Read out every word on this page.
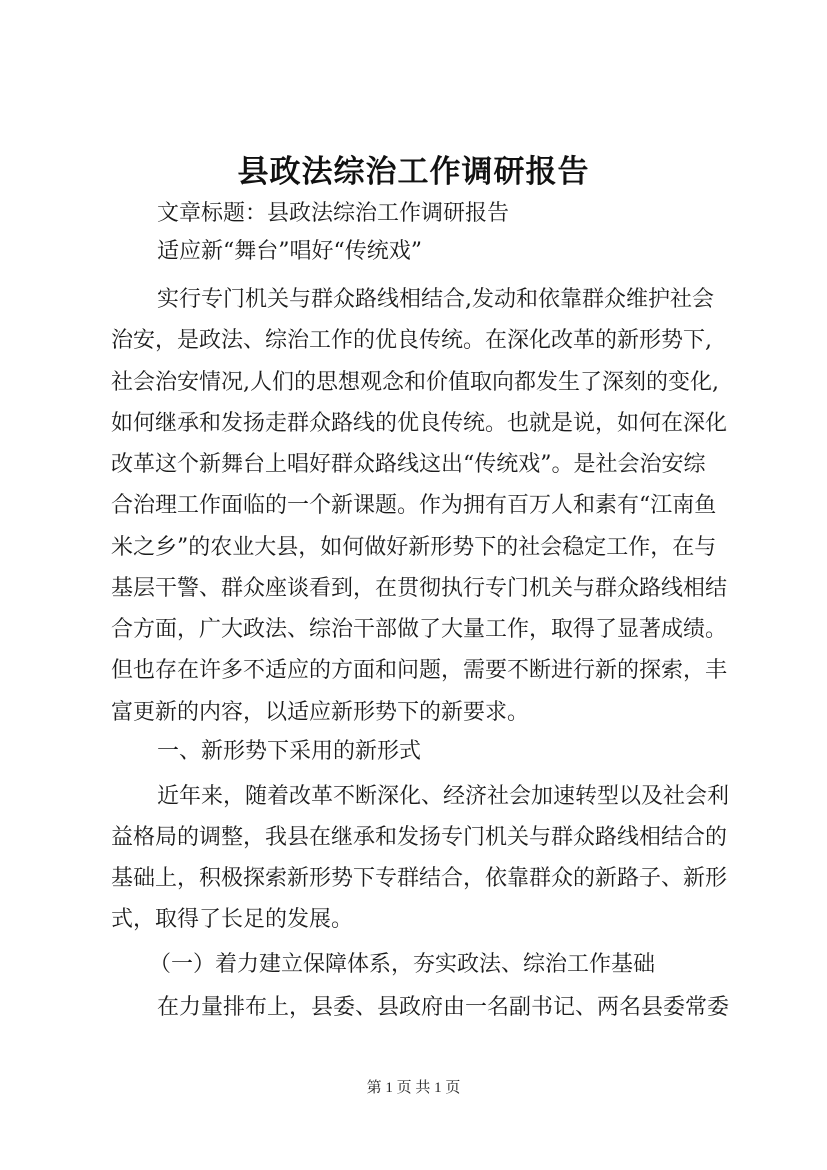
县政法综治工作调研报告
文章标题：县政法综治工作调研报告
适应新“舞台”唱好“传统戏”
实行专门机关与群众路线相结合,发动和依靠群众维护社会
治安，是政法、综治工作的优良传统。在深化改革的新形势下,
社会治安情况,人们的思想观念和价值取向都发生了深刻的变化,
如何继承和发扬走群众路线的优良传统。也就是说，如何在深化
改革这个新舞台上唱好群众路线这出“传统戏”。是社会治安综
合治理工作面临的一个新课题。作为拥有百万人和素有“江南鱼
米之乡”的农业大县，如何做好新形势下的社会稳定工作，在与
基层干警、群众座谈看到，在贯彻执行专门机关与群众路线相结
合方面，广大政法、综治干部做了大量工作，取得了显著成绩。
但也存在许多不适应的方面和问题，需要不断进行新的探索，丰
富更新的内容，以适应新形势下的新要求。
一、新形势下采用的新形式
近年来，随着改革不断深化、经济社会加速转型以及社会利
益格局的调整，我县在继承和发扬专门机关与群众路线相结合的
基础上，积极探索新形势下专群结合，依靠群众的新路子、新形
式，取得了长足的发展。
（一）着力建立保障体系，夯实政法、综治工作基础
在力量排布上，县委、县政府由一名副书记、两名县委常委
第 1 页 共 1 页
